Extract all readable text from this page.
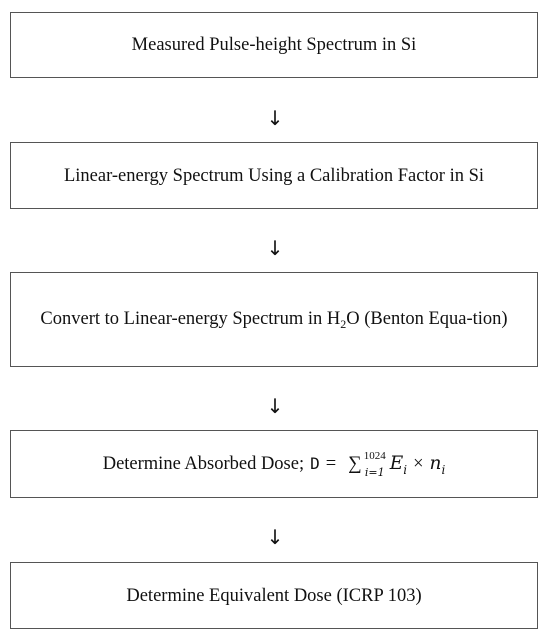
Measured Pulse-height Spectrum in Si
↓
Linear-energy Spectrum Using a Calibration Factor in Si
↓
Convert to Linear-energy Spectrum in $H_2O$ (Benton Equa-tion)
↓
Determine Absorbed Dose; D = ∑ 1024
i=1 $E_i \times n_i$
↓
Determine Equivalent Dose (ICRP 103)
